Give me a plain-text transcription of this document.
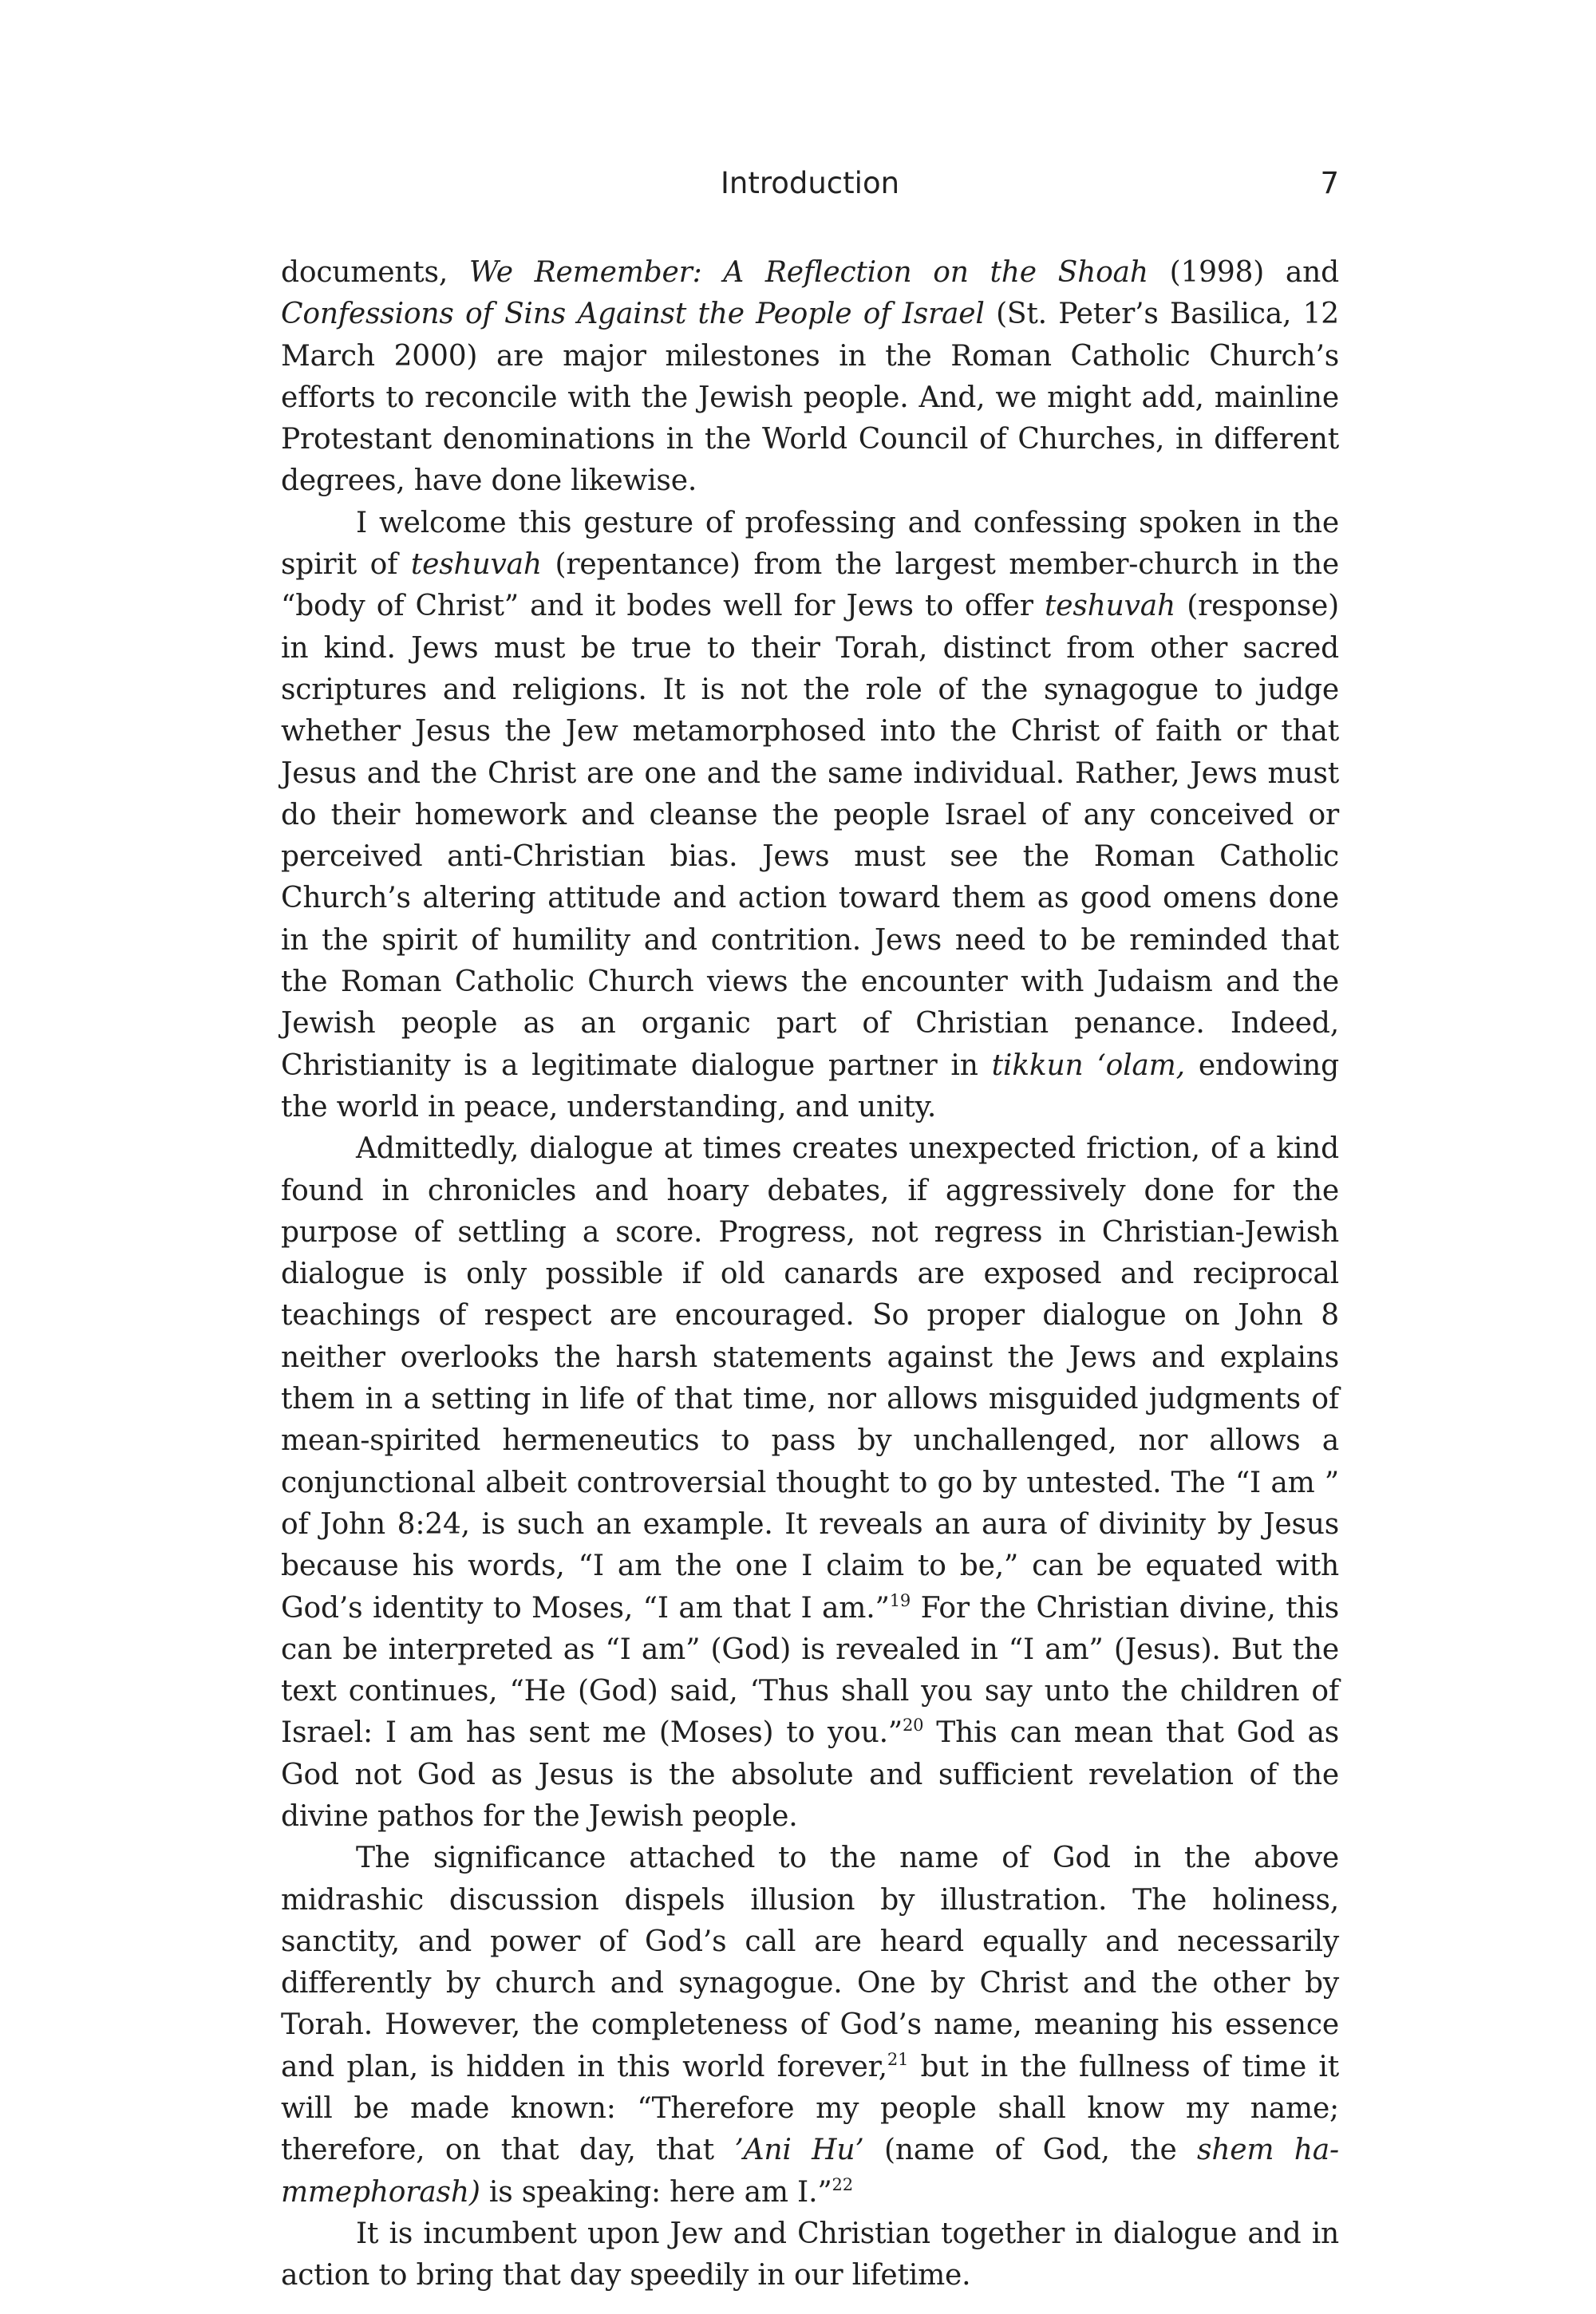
Introduction	7

documents, We Remember: A Reflection on the Shoah (1998) and Confessions of Sins Against the People of Israel (St. Peter’s Basilica, 12 March 2000) are major milestones in the Roman Catholic Church’s efforts to reconcile with the Jewish people. And, we might add, mainline Protestant denominations in the World Council of Churches, in different degrees, have done likewise.

I welcome this gesture of professing and confessing spoken in the spirit of teshuvah (repentance) from the largest member-church in the “body of Christ” and it bodes well for Jews to offer teshuvah (response) in kind. Jews must be true to their Torah, distinct from other sacred scriptures and religions. It is not the role of the synagogue to judge whether Jesus the Jew metamorphosed into the Christ of faith or that Jesus and the Christ are one and the same individual. Rather, Jews must do their homework and cleanse the people Israel of any conceived or perceived anti-Christian bias. Jews must see the Roman Catholic Church’s altering attitude and action toward them as good omens done in the spirit of humility and contrition. Jews need to be reminded that the Roman Catholic Church views the encounter with Judaism and the Jewish people as an organic part of Christian penance. Indeed, Christianity is a legitimate dialogue partner in tikkun ‘olam, endowing the world in peace, understanding, and unity.

Admittedly, dialogue at times creates unexpected friction, of a kind found in chronicles and hoary debates, if aggressively done for the purpose of settling a score. Progress, not regress in Christian-Jewish dialogue is only possible if old canards are exposed and reciprocal teachings of respect are encouraged. So proper dialogue on John 8 neither overlooks the harsh statements against the Jews and explains them in a setting in life of that time, nor allows misguided judgments of mean-spirited hermeneutics to pass by unchallenged, nor allows a conjunctional albeit controversial thought to go by untested. The “I am ” of John 8:24, is such an example. It reveals an aura of divinity by Jesus because his words, “I am the one I claim to be,” can be equated with God’s identity to Moses, “I am that I am.”$^{19}$ For the Christian divine, this can be interpreted as “I am” (God) is revealed in “I am” (Jesus). But the text continues, “He (God) said, ‘Thus shall you say unto the children of Israel: I am has sent me (Moses) to you.”$^{20}$ This can mean that God as God not God as Jesus is the absolute and sufficient revelation of the divine pathos for the Jewish people.

The significance attached to the name of God in the above midrashic discussion dispels illusion by illustration. The holiness, sanctity, and power of God’s call are heard equally and necessarily differently by church and synagogue. One by Christ and the other by Torah. However, the completeness of God’s name, meaning his essence and plan, is hidden in this world forever,$^{21}$ but in the fullness of time it will be made known: “Therefore my people shall know my name; therefore, on that day, that ’Ani Hu’ (name of God, the shem ha-mmephorash) is speaking: here am I.”$^{22}$

It is incumbent upon Jew and Christian together in dialogue and in action to bring that day speedily in our lifetime.
